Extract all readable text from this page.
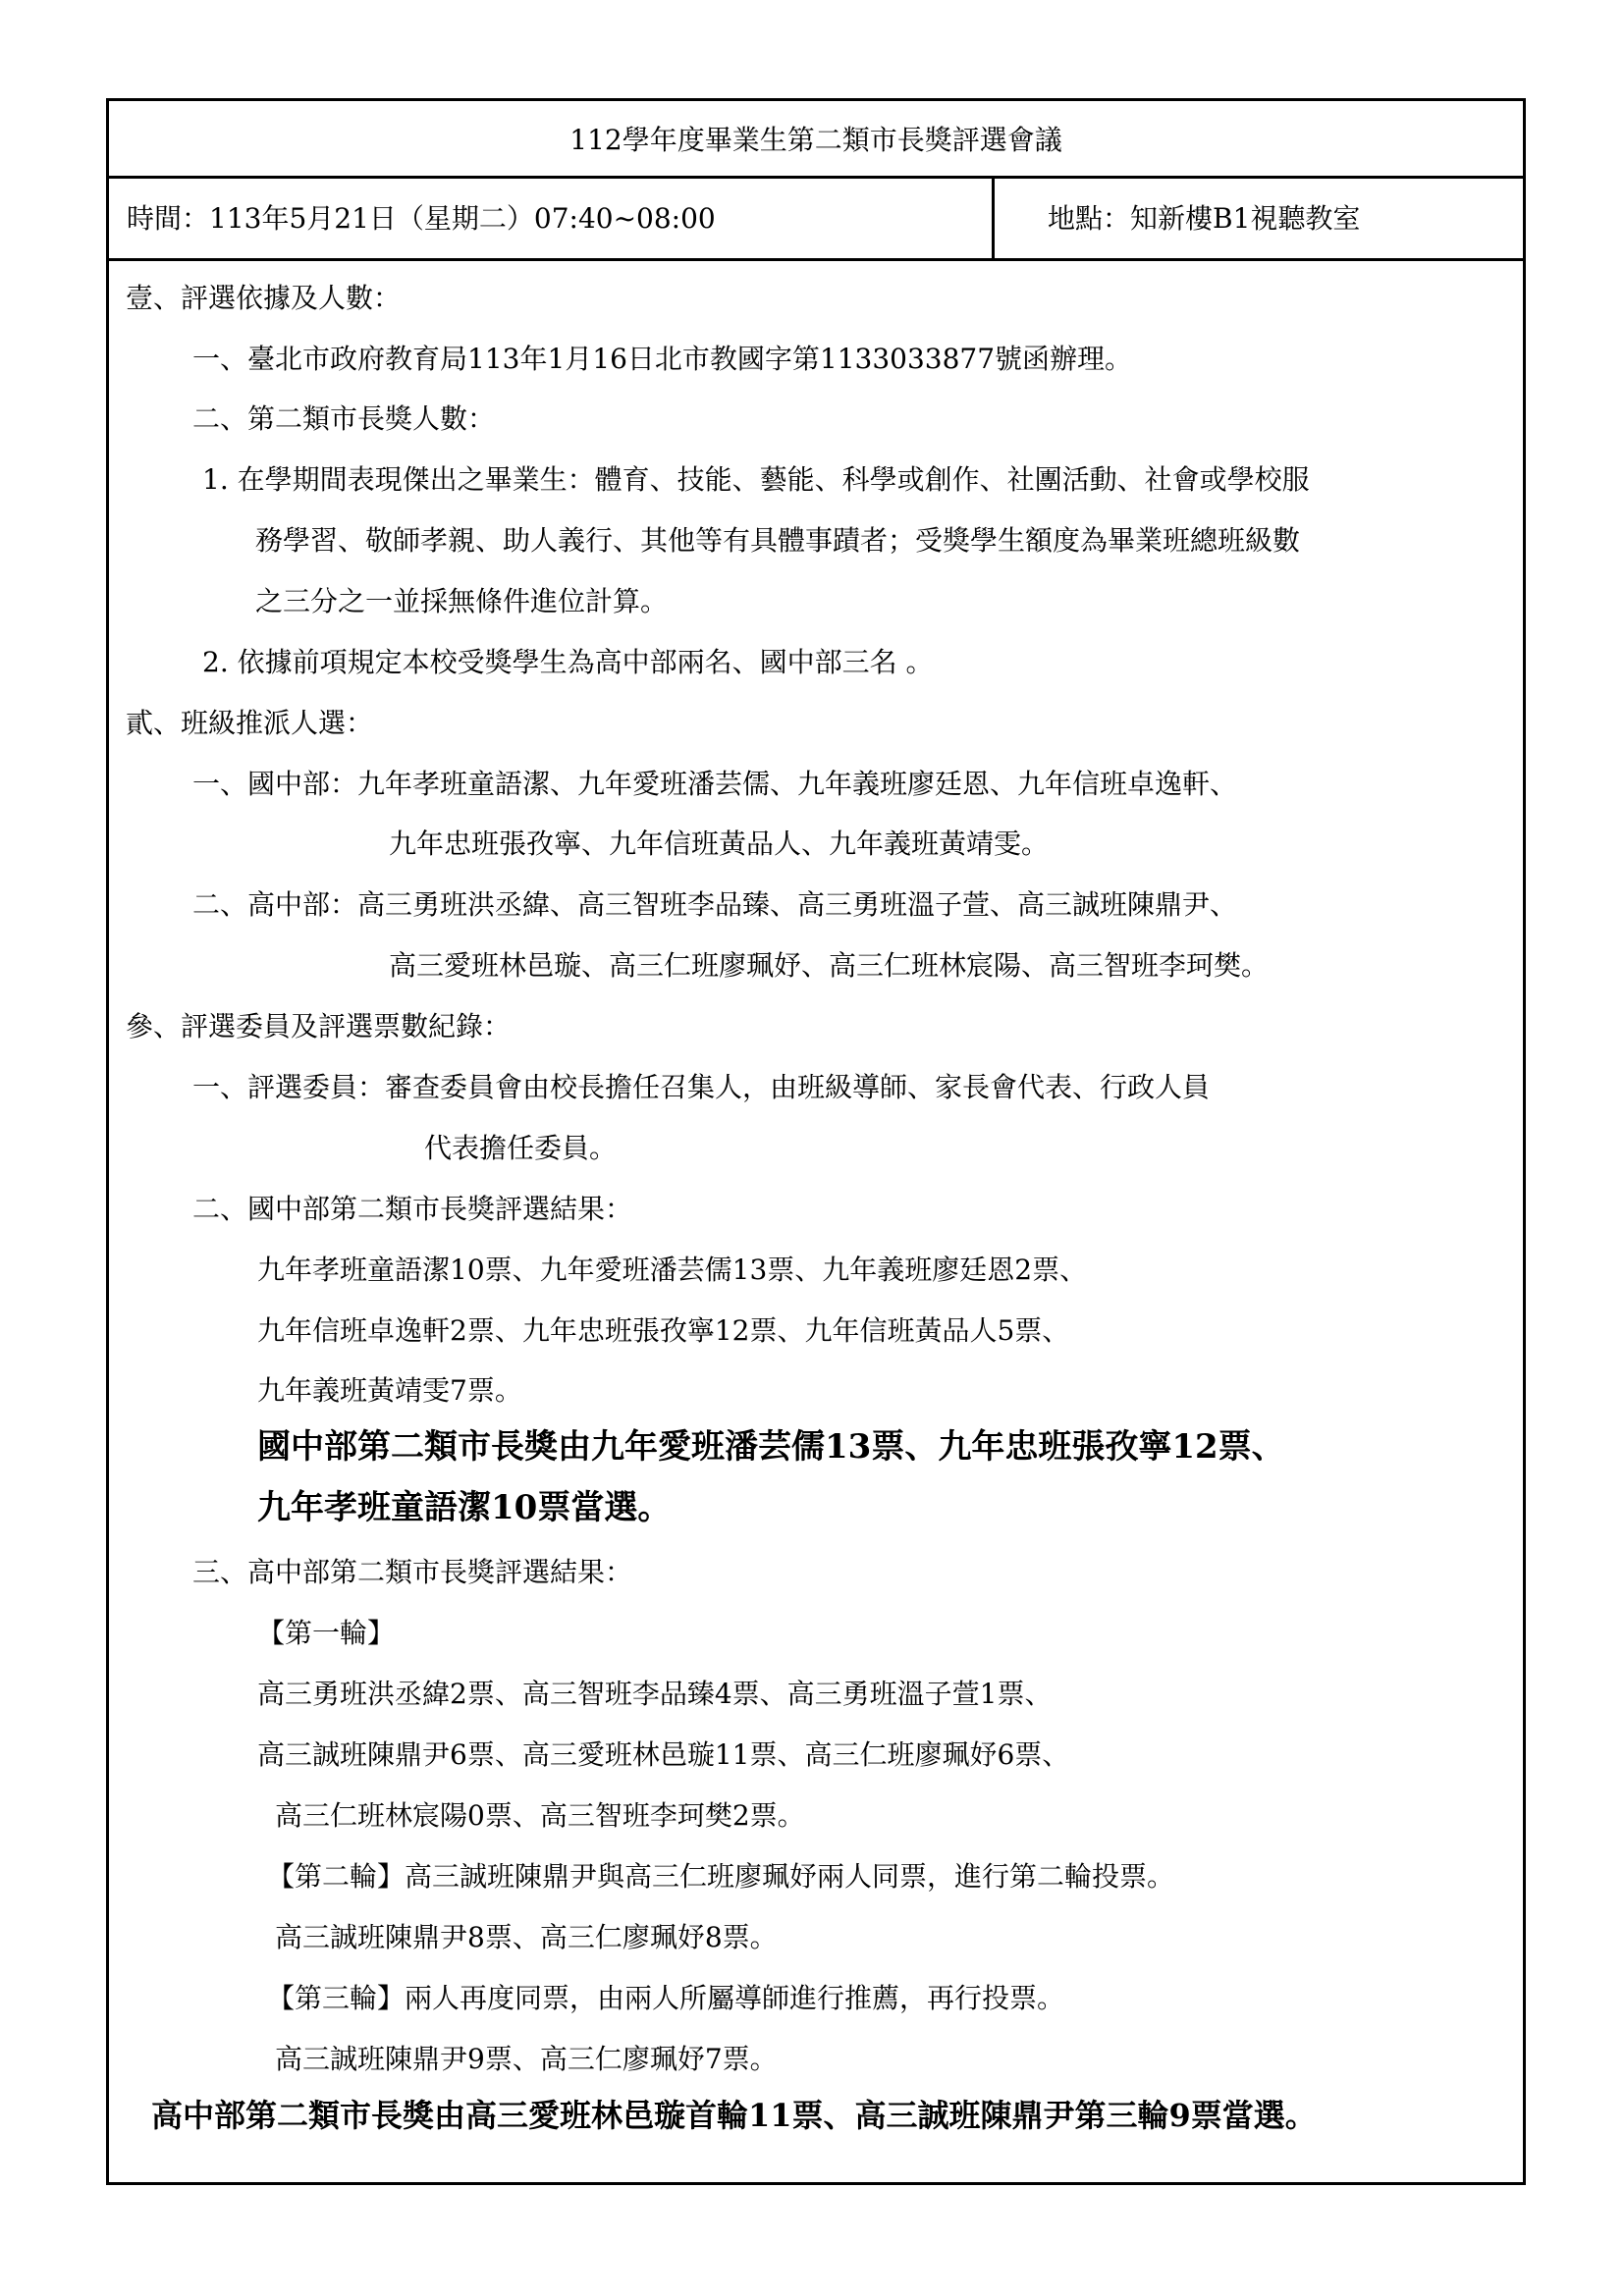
112學年度畢業生第二類市長獎評選會議
時間：113年5月21日（星期二）07:40~08:00	地點：知新樓B1視聽教室
壹、評選依據及人數：
一、臺北市政府教育局113年1月16日北市教國字第1133033877號函辦理。
二、第二類市長獎人數：
1. 在學期間表現傑出之畢業生：體育、技能、藝能、科學或創作、社團活動、社會或學校服
務學習、敬師孝親、助人義行、其他等有具體事蹟者；受獎學生額度為畢業班總班級數
之三分之一並採無條件進位計算。
2. 依據前項規定本校受獎學生為高中部兩名、國中部三名 。
貳、班級推派人選：
一、國中部：九年孝班童語潔、九年愛班潘芸儒、九年義班廖廷恩、九年信班卓逸軒、
九年忠班張孜寧、九年信班黃品人、九年義班黃靖雯。
二、高中部：高三勇班洪丞緯、高三智班李品臻、高三勇班溫子萱、高三誠班陳鼎尹、
高三愛班林邑璇、高三仁班廖珮妤、高三仁班林宸陽、高三智班李珂樊。
參、評選委員及評選票數紀錄：
一、評選委員：審查委員會由校長擔任召集人，由班級導師、家長會代表、行政人員
代表擔任委員。
二、國中部第二類市長獎評選結果：
九年孝班童語潔10票、九年愛班潘芸儒13票、九年義班廖廷恩2票、
九年信班卓逸軒2票、九年忠班張孜寧12票、九年信班黃品人5票、
九年義班黃靖雯7票。
國中部第二類市長獎由九年愛班潘芸儒13票、九年忠班張孜寧12票、
九年孝班童語潔10票當選。
三、高中部第二類市長獎評選結果：
【第一輪】
高三勇班洪丞緯2票、高三智班李品臻4票、高三勇班溫子萱1票、
高三誠班陳鼎尹6票、高三愛班林邑璇11票、高三仁班廖珮妤6票、
高三仁班林宸陽0票、高三智班李珂樊2票。
【第二輪】高三誠班陳鼎尹與高三仁班廖珮妤兩人同票，進行第二輪投票。
高三誠班陳鼎尹8票、高三仁廖珮妤8票。
【第三輪】兩人再度同票，由兩人所屬導師進行推薦，再行投票。
高三誠班陳鼎尹9票、高三仁廖珮妤7票。
高中部第二類市長獎由高三愛班林邑璇首輪11票、高三誠班陳鼎尹第三輪9票當選。
